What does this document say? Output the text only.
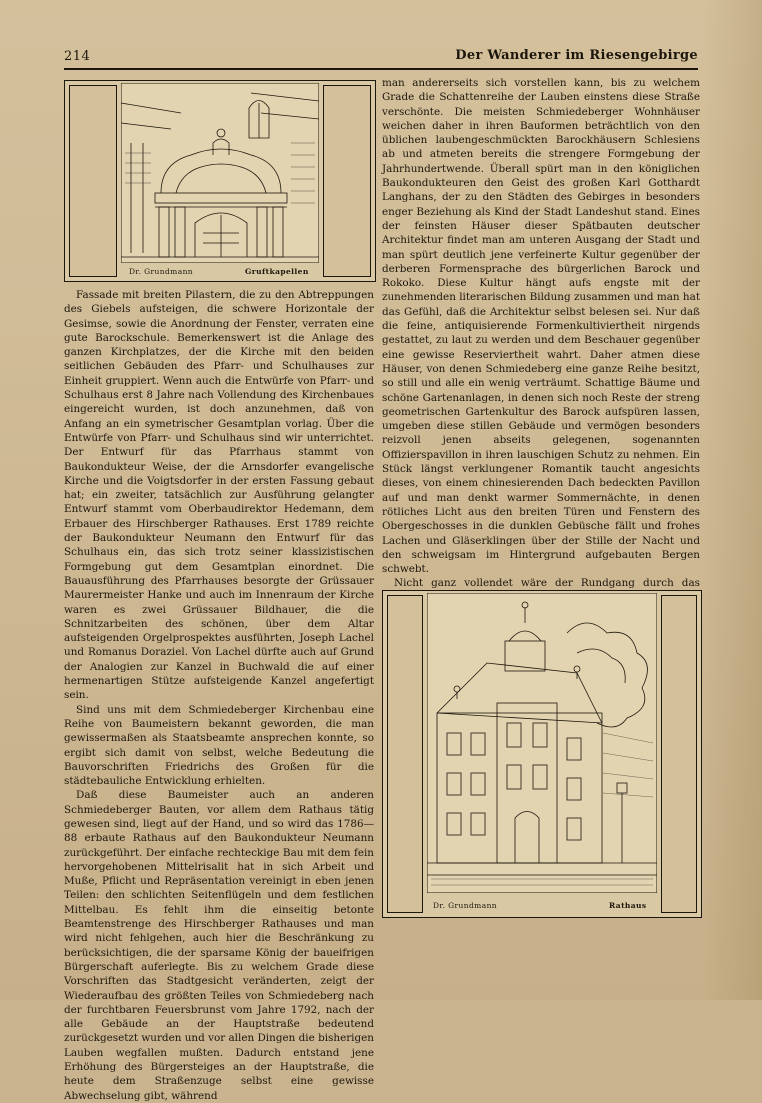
214	Der Wanderer im Riesengebirge
Dr. Grundmann	Gruftkapellen

Fassade mit breiten Pilastern, die zu den Abtreppungen des Giebels aufsteigen, die schwere Horizontale der Gesimse, sowie die Anordnung der Fenster, verraten eine gute Barockschule. Bemerkenswert ist die Anlage des ganzen Kirchplatzes, der die Kirche mit den beiden seitlichen Gebäuden des Pfarr- und Schulhauses zur Einheit gruppiert. Wenn auch die Entwürfe von Pfarr- und Schulhaus erst 8 Jahre nach Vollendung des Kirchenbaues eingereicht wurden, ist doch anzunehmen, daß von Anfang an ein symetrischer Gesamtplan vorlag. Über die Entwürfe von Pfarr- und Schulhaus sind wir unterrichtet. Der Entwurf für das Pfarrhaus stammt von Baukondukteur Weise, der die Arnsdorfer evangelische Kirche und die Voigtsdorfer in der ersten Fassung gebaut hat; ein zweiter, tatsächlich zur Ausführung gelangter Entwurf stammt vom Oberbaudirektor Hedemann, dem Erbauer des Hirschberger Rathauses. Erst 1789 reichte der Baukondukteur Neumann den Entwurf für das Schulhaus ein, das sich trotz seiner klassizistischen Formgebung gut dem Gesamtplan einordnet. Die Bauausführung des Pfarrhauses besorgte der Grüssauer Maurermeister Hanke und auch im Innenraum der Kirche waren es zwei Grüssauer Bildhauer, die die Schnitzarbeiten des schönen, über dem Altar aufsteigenden Orgelprospektes ausführten, Joseph Lachel und Romanus Doraziel. Von Lachel dürfte auch auf Grund der Analogien zur Kanzel in Buchwald die auf einer hermenartigen Stütze aufsteigende Kanzel angefertigt sein.

Sind uns mit dem Schmiedeberger Kirchenbau eine Reihe von Baumeistern bekannt geworden, die man gewissermaßen als Staatsbeamte ansprechen konnte, so ergibt sich damit von selbst, welche Bedeutung die Bauvorschriften Friedrichs des Großen für die städtebauliche Entwicklung erhielten.

Daß diese Baumeister auch an anderen Schmiedeberger Bauten, vor allem dem Rathaus tätig gewesen sind, liegt auf der Hand, und so wird das 1786—88 erbaute Rathaus auf den Baukondukteur Neumann zurückgeführt. Der einfache rechteckige Bau mit dem fein hervorgehobenen Mittelrisalit hat in sich Arbeit und Muße, Pflicht und Repräsentation vereinigt in eben jenen Teilen: den schlichten Seitenflügeln und dem festlichen Mittelbau. Es fehlt ihm die einseitig betonte Beamtenstrenge des Hirschberger Rathauses und man wird nicht fehlgehen, auch hier die Beschränkung zu berücksichtigen, die der sparsame König der baueifrigen Bürgerschaft auferlegte. Bis zu welchem Grade diese Vorschriften das Stadtgesicht veränderten, zeigt der Wiederaufbau des größten Teiles von Schmiedeberg nach der furchtbaren Feuersbrunst vom Jahre 1792, nach der alle Gebäude an der Hauptstraße bedeutend zurückgesetzt wurden und vor allen Dingen die bisherigen Lauben wegfallen mußten. Dadurch entstand jene Erhöhung des Bürgersteiges an der Hauptstraße, die heute dem Straßenzuge selbst eine gewisse Abwechselung gibt, während

man andererseits sich vorstellen kann, bis zu welchem Grade die Schattenreihe der Lauben einstens diese Straße verschönte. Die meisten Schmiedeberger Wohnhäuser weichen daher in ihren Bauformen beträchtlich von den üblichen laubengeschmückten Barockhäusern Schlesiens ab und atmeten bereits die strengere Formgebung der Jahrhundertwende. Überall spürt man in den königlichen Baukondukteuren den Geist des großen Karl Gotthardt Langhans, der zu den Städten des Gebirges in besonders enger Beziehung als Kind der Stadt Landeshut stand. Eines der feinsten Häuser dieser Spätbauten deutscher Architektur findet man am unteren Ausgang der Stadt und man spürt deutlich jene verfeinerte Kultur gegenüber der derberen Formensprache des bürgerlichen Barock und Rokoko. Diese Kultur hängt aufs engste mit der zunehmenden literarischen Bildung zusammen und man hat das Gefühl, daß die Architektur selbst belesen sei. Nur daß die feine, antiquisierende Formenkultiviertheit nirgends gestattet, zu laut zu werden und dem Beschauer gegenüber eine gewisse Reserviertheit wahrt. Daher atmen diese Häuser, von denen Schmiedeberg eine ganze Reihe besitzt, so still und alle ein wenig verträumt. Schattige Bäume und schöne Gartenanlagen, in denen sich noch Reste der streng geometrischen Gartenkultur des Barock aufspüren lassen, umgeben diese stillen Gebäude und vermögen besonders reizvoll jenen abseits gelegenen, sogenannten Offizierspavillon in ihren lauschigen Schutz zu nehmen. Ein Stück längst verklungener Romantik taucht angesichts dieses, von einem chinesierenden Dach bedeckten Pavillon auf und man denkt warmer Sommernächte, in denen rötliches Licht aus den breiten Türen und Fenstern des Obergeschosses in die dunklen Gebüsche fällt und frohes Lachen und Gläserklingen über der Stille der Nacht und den schweigsam im Hintergrund aufgebauten Bergen schwebt.

Nicht ganz vollendet wäre der Rundgang durch das

Dr. Grundmann	Rathaus
